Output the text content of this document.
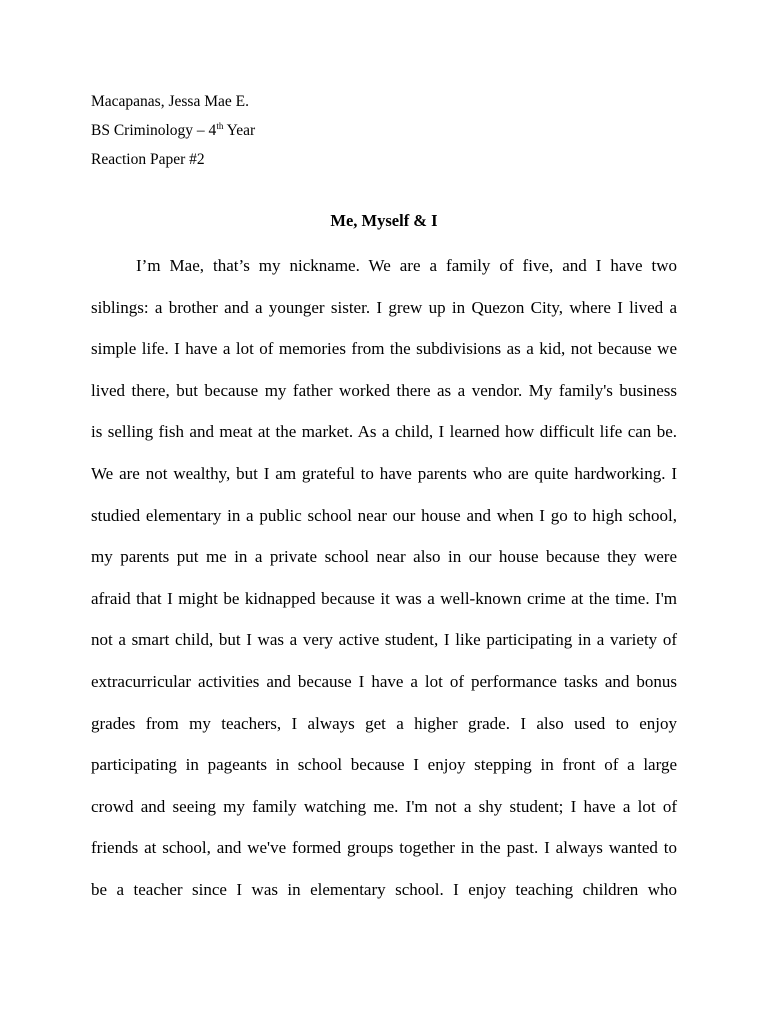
Macapanas, Jessa Mae E.
BS Criminology – 4th Year
Reaction Paper #2
Me, Myself & I
I’m Mae, that’s my nickname. We are a family of five, and I have two
siblings: a brother and a younger sister. I grew up in Quezon City, where I lived a
simple life. I have a lot of memories from the subdivisions as a kid, not because we
lived there, but because my father worked there as a vendor. My family's business
is selling fish and meat at the market. As a child, I learned how difficult life can be.
We are not wealthy, but I am grateful to have parents who are quite hardworking. I
studied elementary in a public school near our house and when I go to high school,
my parents put me in a private school near also in our house because they were
afraid that I might be kidnapped because it was a well-known crime at the time. I'm
not a smart child, but I was a very active student, I like participating in a variety of
extracurricular activities and because I have a lot of performance tasks and bonus
grades from my teachers, I always get a higher grade. I also used to enjoy
participating in pageants in school because I enjoy stepping in front of a large
crowd and seeing my family watching me. I'm not a shy student; I have a lot of
friends at school, and we've formed groups together in the past. I always wanted to
be a teacher since I was in elementary school. I enjoy teaching children who
